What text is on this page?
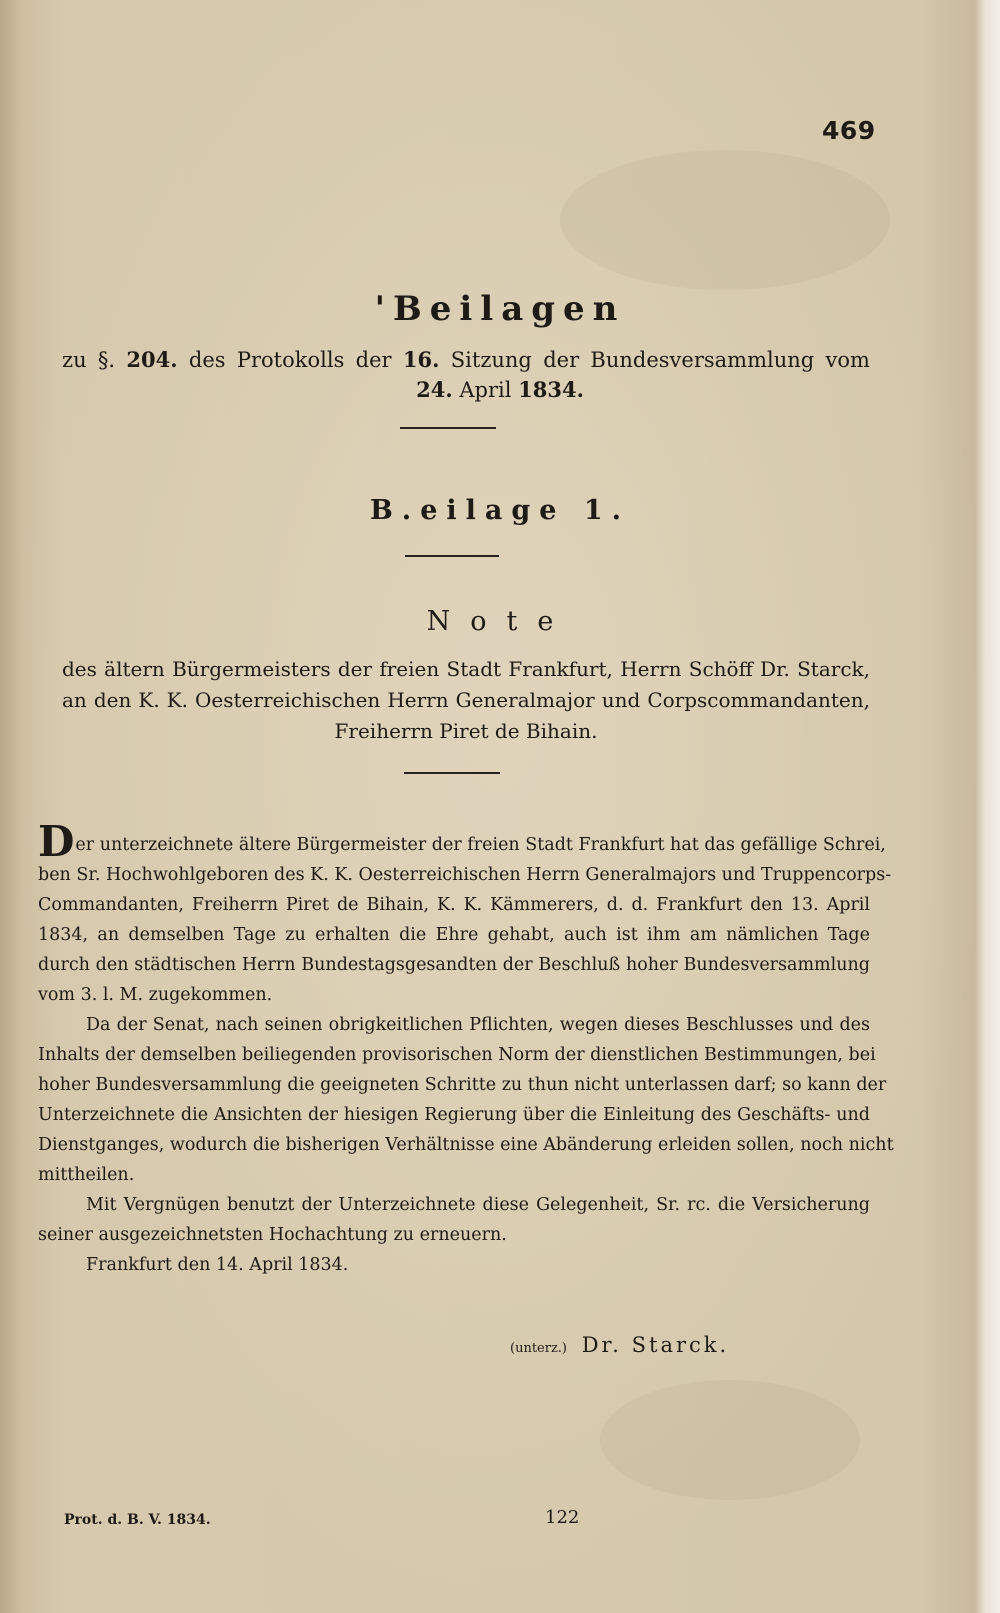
469
'Beilagen
zu §. 204. des Protokolls der 16. Sitzung der Bundesversammlung vom
24. April 1834.
B.eilage 1.
Note
des ältern Bürgermeisters der freien Stadt Frankfurt, Herrn Schöff Dr. Starck,
an den K. K. Oesterreichischen Herrn Generalmajor und Corpscommandanten,
Freiherrn Piret de Bihain.

Der unterzeichnete ältere Bürgermeister der freien Stadt Frankfurt hat das gefällige Schrei,
ben Sr. Hochwohlgeboren des K. K. Oesterreichischen Herrn Generalmajors und Truppencorps-
Commandanten, Freiherrn Piret de Bihain, K. K. Kämmerers, d. d. Frankfurt den 13. April
1834, an demselben Tage zu erhalten die Ehre gehabt, auch ist ihm am nämlichen Tage
durch den städtischen Herrn Bundestagsgesandten der Beschluß hoher Bundesversammlung
vom 3. l. M. zugekommen.

Da der Senat, nach seinen obrigkeitlichen Pflichten, wegen dieses Beschlusses und des
Inhalts der demselben beiliegenden provisorischen Norm der dienstlichen Bestimmungen, bei
hoher Bundesversammlung die geeigneten Schritte zu thun nicht unterlassen darf; so kann der
Unterzeichnete die Ansichten der hiesigen Regierung über die Einleitung des Geschäfts- und
Dienstganges, wodurch die bisherigen Verhältnisse eine Abänderung erleiden sollen, noch nicht
mittheilen.

Mit Vergnügen benutzt der Unterzeichnete diese Gelegenheit, Sr. rc. die Versicherung
seiner ausgezeichnetsten Hochachtung zu erneuern.

Frankfurt den 14. April 1834.

(unterz.) Dr. Starck.
Prot. d. B. V. 1834.	122
